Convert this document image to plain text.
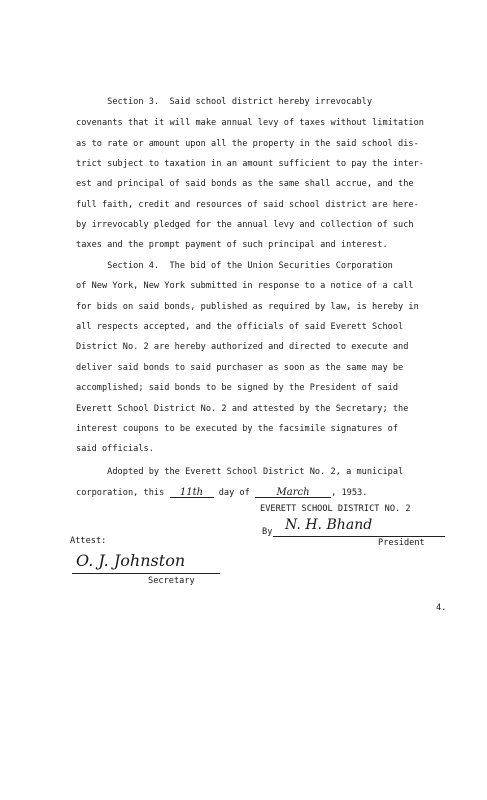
Section 3.  Said school district hereby irrevocably
covenants that it will make annual levy of taxes without limitation
as to rate or amount upon all the property in the said school dis-
trict subject to taxation in an amount sufficient to pay the inter-
est and principal of said bonds as the same shall accrue, and the
full faith, credit and resources of said school district are here-
by irrevocably pledged for the annual levy and collection of such
taxes and the prompt payment of such principal and interest.
Section 4.  The bid of the Union Securities Corporation
of New York, New York submitted in response to a notice of a call
for bids on said bonds, published as required by law, is hereby in
all respects accepted, and the officials of said Everett School
District No. 2 are hereby authorized and directed to execute and
deliver said bonds to said purchaser as soon as the same may be
accomplished; said bonds to be signed by the President of said
Everett School District No. 2 and attested by the Secretary; the
interest coupons to be executed by the facsimile signatures of
said officials.
Adopted by the Everett School District No. 2, a municipal
corporation, this 11th day of	March , 1953.
EVERETT SCHOOL DISTRICT NO. 2
By N. H. Bhand
President
Attest:
O. J. Johnston
Secretary
4.
